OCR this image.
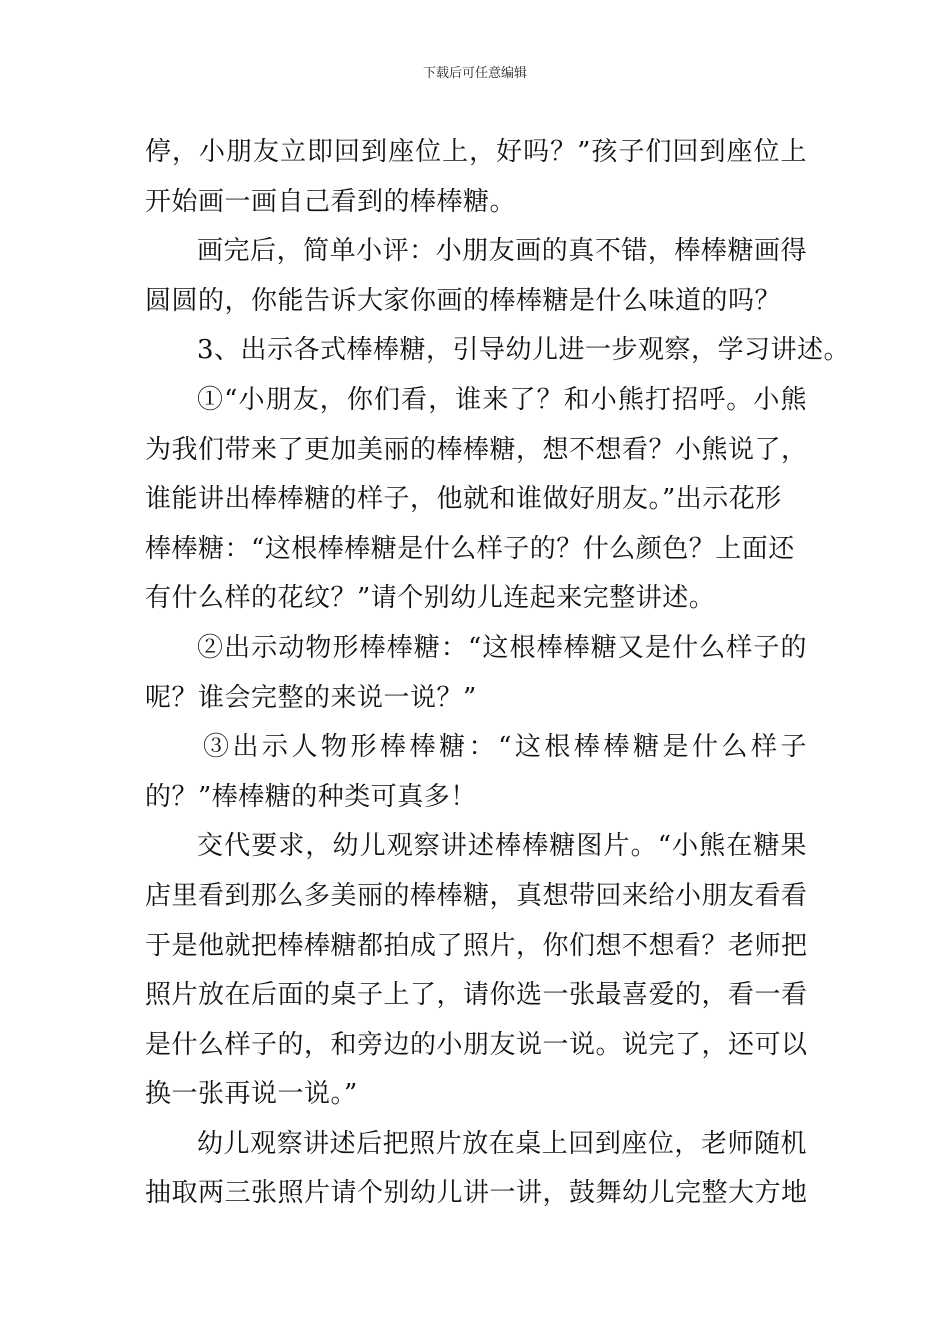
下载后可任意编辑
停，小朋友立即回到座位上，好吗？”孩子们回到座位上
开始画一画自己看到的棒棒糖。
画完后，简单小评：小朋友画的真不错，棒棒糖画得
圆圆的，你能告诉大家你画的棒棒糖是什么味道的吗？
3、出示各式棒棒糖，引导幼儿进一步观察，学习讲述。
①“小朋友，你们看，谁来了？和小熊打招呼。小熊
为我们带来了更加美丽的棒棒糖，想不想看？小熊说了，
谁能讲出棒棒糖的样子，他就和谁做好朋友。”出示花形
棒棒糖：“这根棒棒糖是什么样子的？什么颜色？上面还
有什么样的花纹？”请个别幼儿连起来完整讲述。
②出示动物形棒棒糖：“这根棒棒糖又是什么样子的
呢？谁会完整的来说一说？”
③出示人物形棒棒糖：“这根棒棒糖是什么样子
的？”棒棒糖的种类可真多！
交代要求，幼儿观察讲述棒棒糖图片。“小熊在糖果
店里看到那么多美丽的棒棒糖，真想带回来给小朋友看看
于是他就把棒棒糖都拍成了照片，你们想不想看？老师把
照片放在后面的桌子上了，请你选一张最喜爱的，看一看
是什么样子的，和旁边的小朋友说一说。说完了，还可以
换一张再说一说。”
幼儿观察讲述后把照片放在桌上回到座位，老师随机
抽取两三张照片请个别幼儿讲一讲，鼓舞幼儿完整大方地
